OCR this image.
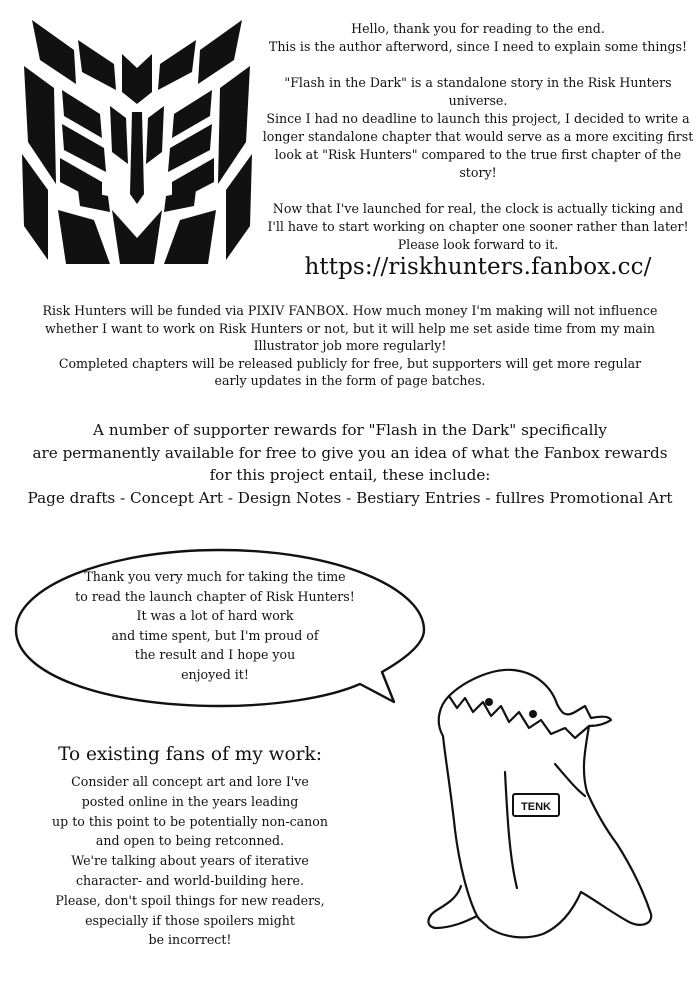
Hello, thank you for reading to the end.
This is the author afterword, since I need to explain some things!

"Flash in the Dark" is a standalone story in the Risk Hunters universe.
Since I had no deadline to launch this project, I decided to write a
longer standalone chapter that would serve as a more exciting first
look at "Risk Hunters" compared to the true first chapter of the story!

Now that I've launched for real, the clock is actually ticking and
I'll have to start working on chapter one sooner rather than later!
Please look forward to it.

https://riskhunters.fanbox.cc/
Risk Hunters will be funded via PIXIV FANBOX. How much money I'm making will not influence
whether I want to work on Risk Hunters or not, but it will help me set aside time from my main
Illustrator job more regularly!
Completed chapters will be released publicly for free, but supporters will get more regular
early updates in the form of page batches.
A number of supporter rewards for "Flash in the Dark" specifically
are permanently available for free to give you an idea of what the Fanbox rewards
for this project entail, these include:
Page drafts - Concept Art - Design Notes - Bestiary Entries - fullres Promotional Art
Thank you very much for taking the time
to read the launch chapter of Risk Hunters!
It was a lot of hard work
and time spent, but I'm proud of
the result and I hope you
enjoyed it!
To existing fans of my work:
Consider all concept art and lore I've
posted online in the years leading
up to this point to be potentially non-canon
and open to being retconned.
We're talking about years of iterative
character- and world-building here.
Please, don't spoil things for new readers,
especially if those spoilers might
be incorrect!
TENK
